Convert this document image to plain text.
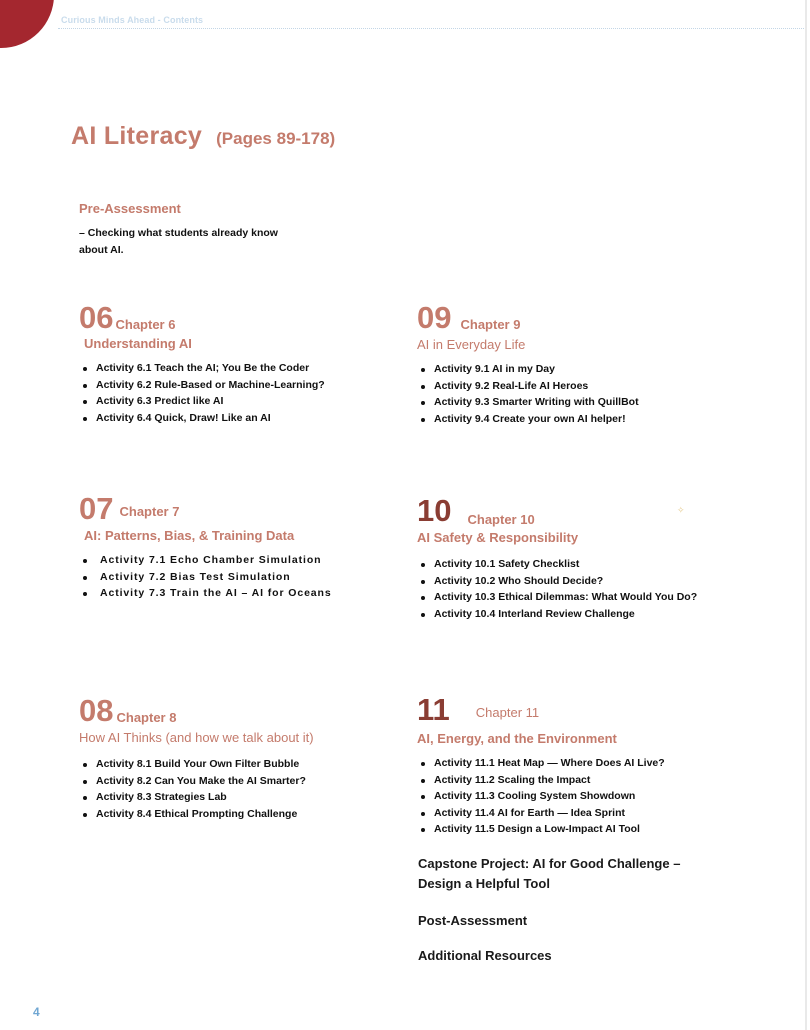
Curious Minds Ahead - Contents
AI Literacy (Pages 89-178)
Pre-Assessment
– Checking what students already know
about AI.
06 Chapter 6
Understanding AI
Activity 6.1 Teach the AI; You Be the Coder
Activity 6.2 Rule-Based or Machine-Learning?
Activity 6.3 Predict like AI
Activity 6.4 Quick, Draw! Like an AI
07 Chapter 7
AI: Patterns, Bias, & Training Data
Activity 7.1 Echo Chamber Simulation
Activity 7.2 Bias Test Simulation
Activity 7.3 Train the AI – AI for Oceans
08 Chapter 8
How AI Thinks (and how we talk about it)
Activity 8.1 Build Your Own Filter Bubble
Activity 8.2 Can You Make the AI Smarter?
Activity 8.3 Strategies Lab
Activity 8.4 Ethical Prompting Challenge
09 Chapter 9
AI in Everyday Life
Activity 9.1 AI in my Day
Activity 9.2 Real-Life AI Heroes
Activity 9.3 Smarter Writing with QuillBot
Activity 9.4 Create your own AI helper!
10 Chapter 10
AI Safety & Responsibility
Activity 10.1 Safety Checklist
Activity 10.2 Who Should Decide?
Activity 10.3 Ethical Dilemmas: What Would You Do?
Activity 10.4 Interland Review Challenge
✧
11 Chapter 11
AI, Energy, and the Environment
Activity 11.1 Heat Map — Where Does AI Live?
Activity 11.2 Scaling the Impact
Activity 11.3 Cooling System Showdown
Activity 11.4 AI for Earth — Idea Sprint
Activity 11.5 Design a Low-Impact AI Tool
Capstone Project: AI for Good Challenge –
Design a Helpful Tool
Post-Assessment
Additional Resources
4
